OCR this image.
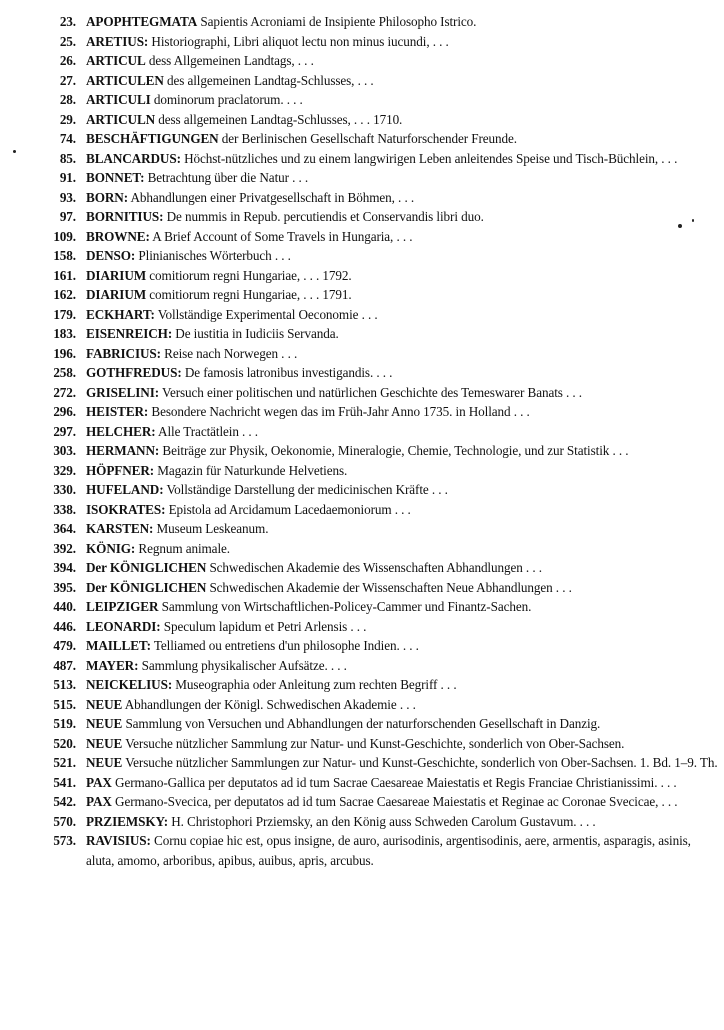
23. APOPHTEGMATA Sapientis Acroniami de Insipiente Philosopho Istrico.
25. ARETIUS: Historiographi, Libri aliquot lectu non minus iucundi, . . .
26. ARTICUL dess Allgemeinen Landtags, . . .
27. ARTICULEN des allgemeinen Landtag-Schlusses, . . .
28. ARTICULI dominorum praclatorum. . . .
29. ARTICULN dess allgemeinen Landtag-Schlusses, . . . 1710.
74. BESCHÄFTIGUNGEN der Berlinischen Gesellschaft Naturforschender Freunde.
85. BLANCARDUS: Höchst-nützliches und zu einem langwirigen Leben anleitendes Speise und Tisch-Büchlein, . . .
91. BONNET: Betrachtung über die Natur . . .
93. BORN: Abhandlungen einer Privatgesellschaft in Böhmen, . . .
97. BORNITIUS: De nummis in Repub. percutiendis et Conservandis libri duo.
109. BROWNE: A Brief Account of Some Travels in Hungaria, . . .
158. DENSO: Plinianisches Wörterbuch . . .
161. DIARIUM comitiorum regni Hungariae, . . . 1792.
162. DIARIUM comitiorum regni Hungariae, . . . 1791.
179. ECKHART: Vollständige Experimental Oeconomie . . .
183. EISENREICH: De iustitia in Iudiciis Servanda.
196. FABRICIUS: Reise nach Norwegen . . .
258. GOTHFREDUS: De famosis latronibus investigandis. . . .
272. GRISELINI: Versuch einer politischen und natürlichen Geschichte des Temeswarer Banats . . .
296. HEISTER: Besondere Nachricht wegen das im Früh-Jahr Anno 1735. in Holland . . .
297. HELCHER: Alle Tractätlein . . .
303. HERMANN: Beiträge zur Physik, Oekonomie, Mineralogie, Chemie, Technologie, und zur Statistik . . .
329. HÖPFNER: Magazin für Naturkunde Helvetiens.
330. HUFELAND: Vollständige Darstellung der medicinischen Kräfte . . .
338. ISOKRATES: Epistola ad Arcidamum Lacedaemoniorum . . .
364. KARSTEN: Museum Leskeanum.
392. KÖNIG: Regnum animale.
394. Der KÖNIGLICHEN Schwedischen Akademie des Wissenschaften Abhandlungen . . .
395. Der KÖNIGLICHEN Schwedischen Akademie der Wissenschaften Neue Abhandlungen . . .
440. LEIPZIGER Sammlung von Wirtschaftlichen-Policey-Cammer und Finantz-Sachen.
446. LEONARDI: Speculum lapidum et Petri Arlensis . . .
479. MAILLET: Telliamed ou entretiens d'un philosophe Indien. . . .
487. MAYER: Sammlung physikalischer Aufsätze. . . .
513. NEICKELIUS: Museographia oder Anleitung zum rechten Begriff . . .
515. NEUE Abhandlungen der Königl. Schwedischen Akademie . . .
519. NEUE Sammlung von Versuchen und Abhandlungen der naturforschenden Gesellschaft in Danzig.
520. NEUE Versuche nützlicher Sammlung zur Natur- und Kunst-Geschichte, sonderlich von Ober-Sachsen.
521. NEUE Versuche nützlicher Sammlungen zur Natur- und Kunst-Geschichte, sonderlich von Ober-Sachsen. 1. Bd. 1–9. Th.
541. PAX Germano-Gallica per deputatos ad id tum Sacrae Caesareae Maiestatis et Regis Franciae Christianissimi. . . .
542. PAX Germano-Svecica, per deputatos ad id tum Sacrae Caesareae Maiestatis et Reginae ac Coronae Svecicae, . . .
570. PRZIEMSKY: H. Christophori Prziemsky, an den König auss Schweden Carolum Gustavum. . . .
573. RAVISIUS: Cornu copiae hic est, opus insigne, de auro, aurisodinis, argentisodinis, aere, armentis, asparagis, asinis, aluta, amomo, arboribus, apibus, auibus, apris, arcubus.
